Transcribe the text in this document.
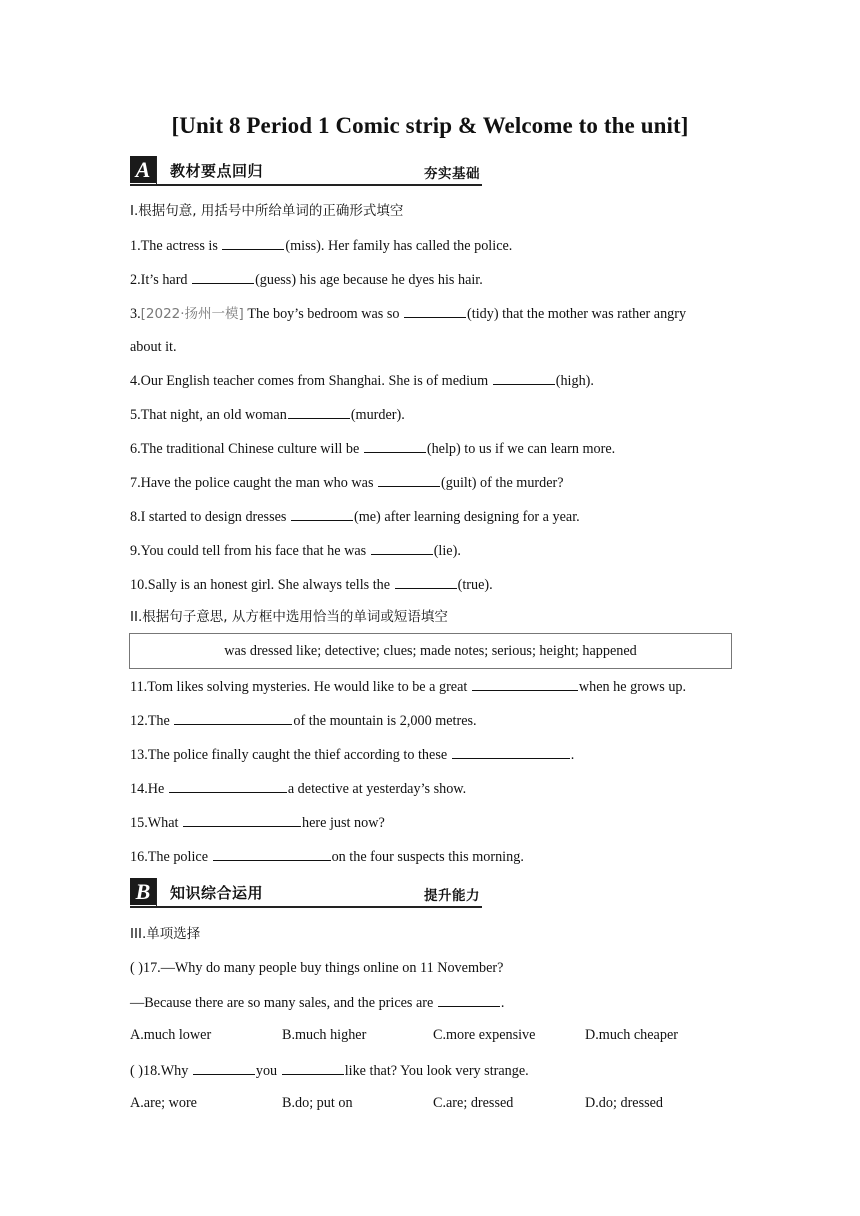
[Unit 8 Period 1 Comic strip & Welcome to the unit]
A	教材要点回归	夯实基础
I.根据句意, 用括号中所给单词的正确形式填空
1.The actress is	(miss). Her family has called the police.
2.It’s hard	(guess) his age because he dyes his hair.
3.[2022·扬州一模] The boy’s bedroom was so	(tidy) that the mother was rather angry
about it.
4.Our English teacher comes from Shanghai. She is of medium	(high).
5.That night, an old woman	(murder).
6.The traditional Chinese culture will be	(help) to us if we can learn more.
7.Have the police caught the man who was	(guilt) of the murder?
8.I started to design dresses	(me) after learning designing for a year.
9.You could tell from his face that he was	(lie).
10.Sally is an honest girl. She always tells the	(true).
II.根据句子意思, 从方框中选用恰当的单词或短语填空
was dressed like; detective; clues; made notes; serious; height; happened
11.Tom likes solving mysteries. He would like to be a great	when he grows up.
12.The	of the mountain is 2,000 metres.
13.The police finally caught the thief according to these	.
14.He	a detective at yesterday’s show.
15.What	here just now?
16.The police	on the four suspects this morning.
B	知识综合运用	提升能力
III.单项选择
( )17.—Why do many people buy things online on 11 November?
—Because there are so many sales, and the prices are	.
A.much lower	B.much higher	C.more expensive	D.much cheaper
( )18.Why	you	like that? You look very strange.
A.are; wore	B.do; put on	C.are; dressed	D.do; dressed
